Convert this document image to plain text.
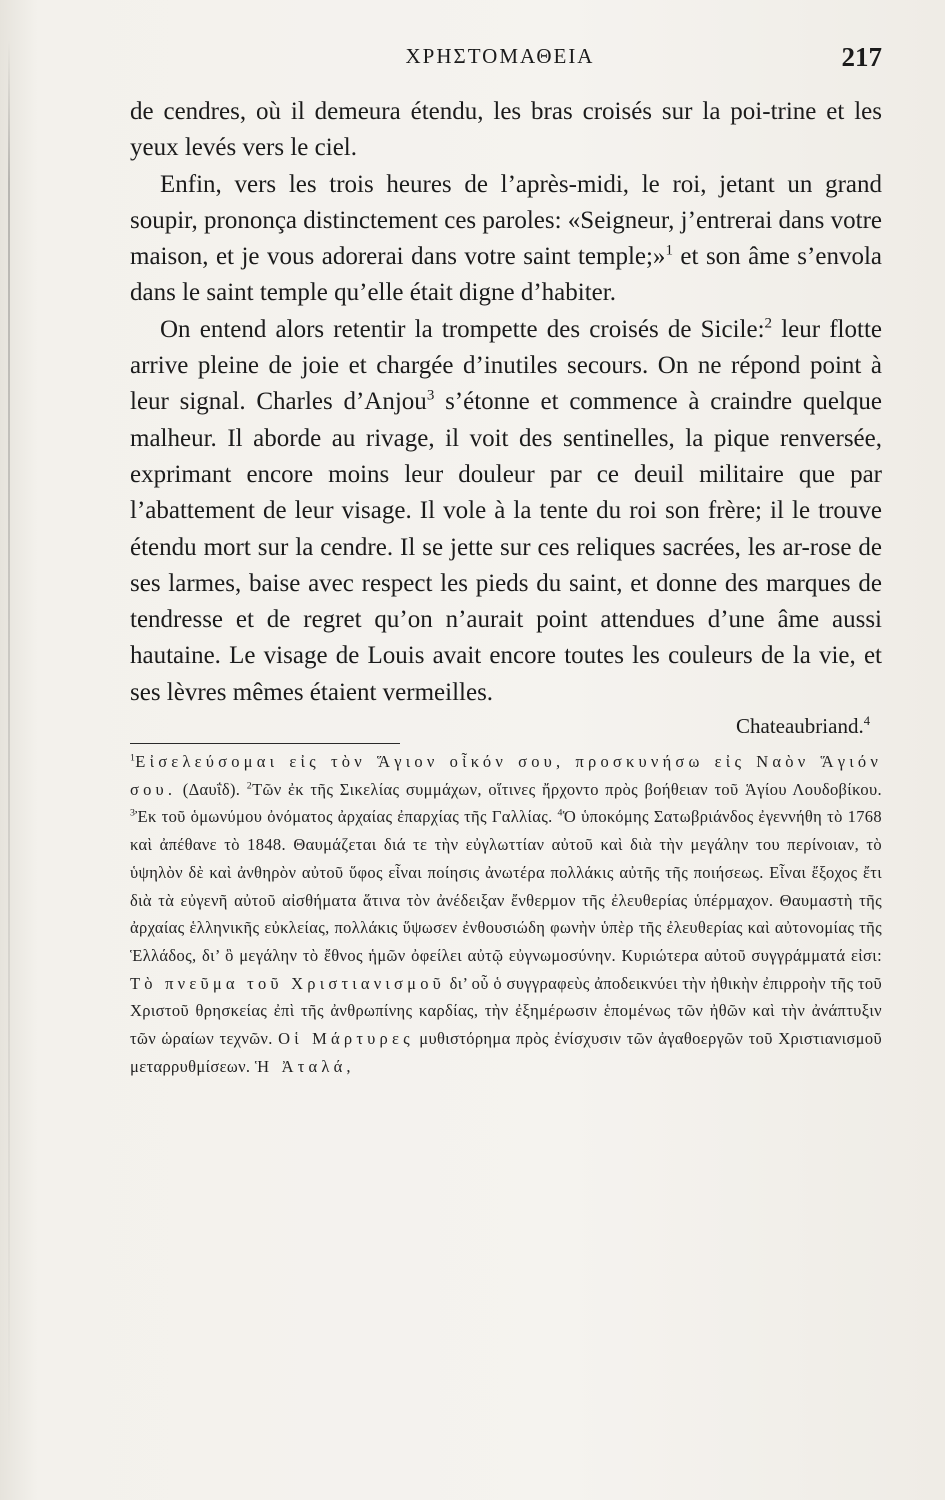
ΧΡΗΣΤΟΜΑΘΕΙΑ	217

de cendres, où il demeura étendu, les bras croisés sur la poi-trine et les yeux levés vers le ciel.

Enfin, vers les trois heures de l’après-midi, le roi, jetant un grand soupir, prononça distinctement ces paroles: «Seigneur, j’entrerai dans votre maison, et je vous adorerai dans votre saint temple;»$^1$ et son âme s’envola dans le saint temple qu’elle était digne d’habiter.

On entend alors retentir la trompette des croisés de Sicile:$^2$ leur flotte arrive pleine de joie et chargée d’inutiles secours. On ne répond point à leur signal. Charles d’Anjou$^3$ s’étonne et commence à craindre quelque malheur. Il aborde au rivage, il voit des sentinelles, la pique renversée, exprimant encore moins leur douleur par ce deuil militaire que par l’abattement de leur visage. Il vole à la tente du roi son frère; il le trouve étendu mort sur la cendre. Il se jette sur ces reliques sacrées, les ar-rose de ses larmes, baise avec respect les pieds du saint, et donne des marques de tendresse et de regret qu’on n’aurait point attendues d’une âme aussi hautaine. Le visage de Louis avait encore toutes les couleurs de la vie, et ses lèvres mêmes étaient vermeilles.

Chateaubriand.$^4$
$^1$Εἰσελεύσομαι εἰς τὸν Ἅγιον οἶκόν σου, προσκυνήσω εἰς Ναὸν Ἅγιόν σου. (Δαυΐδ). $^2$Τῶν ἐκ τῆς Σικελίας συμμάχων, οἵτινες ἤρχοντο πρὸς βοήθειαν τοῦ Ἁγίου Λουδοβίκου. $^3$Ἐκ τοῦ ὁμωνύμου ὀνόματος ἀρχαίας ἐπαρχίας τῆς Γαλλίας. $^4$Ὁ ὑποκόμης Σατωβριάνδος ἐγεννήθη τὸ 1768 καὶ ἀπέθανε τὸ 1848. Θαυμάζεται διά τε τὴν εὐγλωττίαν αὐτοῦ καὶ διὰ τὴν μεγάλην του περίνοιαν, τὸ ὑψηλὸν δὲ καὶ ἀνθηρὸν αὐτοῦ ὕφος εἶναι ποίησις ἀνωτέρα πολλάκις αὐτῆς τῆς ποιήσεως. Εἶναι ἔξοχος ἔτι διὰ τὰ εὐγενῆ αὐτοῦ αἰσθήματα ἅτινα τὸν ἀνέδειξαν ἔνθερμον τῆς ἐλευθερίας ὑπέρμαχον. Θαυμαστὴ τῆς ἀρχαίας ἑλληνικῆς εὐκλείας, πολλάκις ὕψωσεν ἐνθουσιώδη φωνὴν ὑπὲρ τῆς ἐλευθερίας καὶ αὐτονομίας τῆς Ἑλλάδος, δι’ ὃ μεγάλην τὸ ἔθνος ἡμῶν ὀφείλει αὐτῷ εὐγνωμοσύνην. Κυριώτερα αὐτοῦ συγγράμματά εἰσι: Τὸ πνεῦμα τοῦ Χριστιανισμοῦ δι’ οὗ ὁ συγγραφεὺς ἀποδεικνύει τὴν ἠθικὴν ἐπιρροὴν τῆς τοῦ Χριστοῦ θρησκείας ἐπὶ τῆς ἀνθρωπίνης καρδίας, τὴν ἐξημέρωσιν ἑπομένως τῶν ἠθῶν καὶ τὴν ἀνάπτυξιν τῶν ὡραίων τεχνῶν. Οἱ Μάρτυρες μυθιστόρημα πρὸς ἐνίσχυσιν τῶν ἀγαθοεργῶν τοῦ Χριστιανισμοῦ μεταρρυθμίσεων. Ἡ Ἀταλά,
